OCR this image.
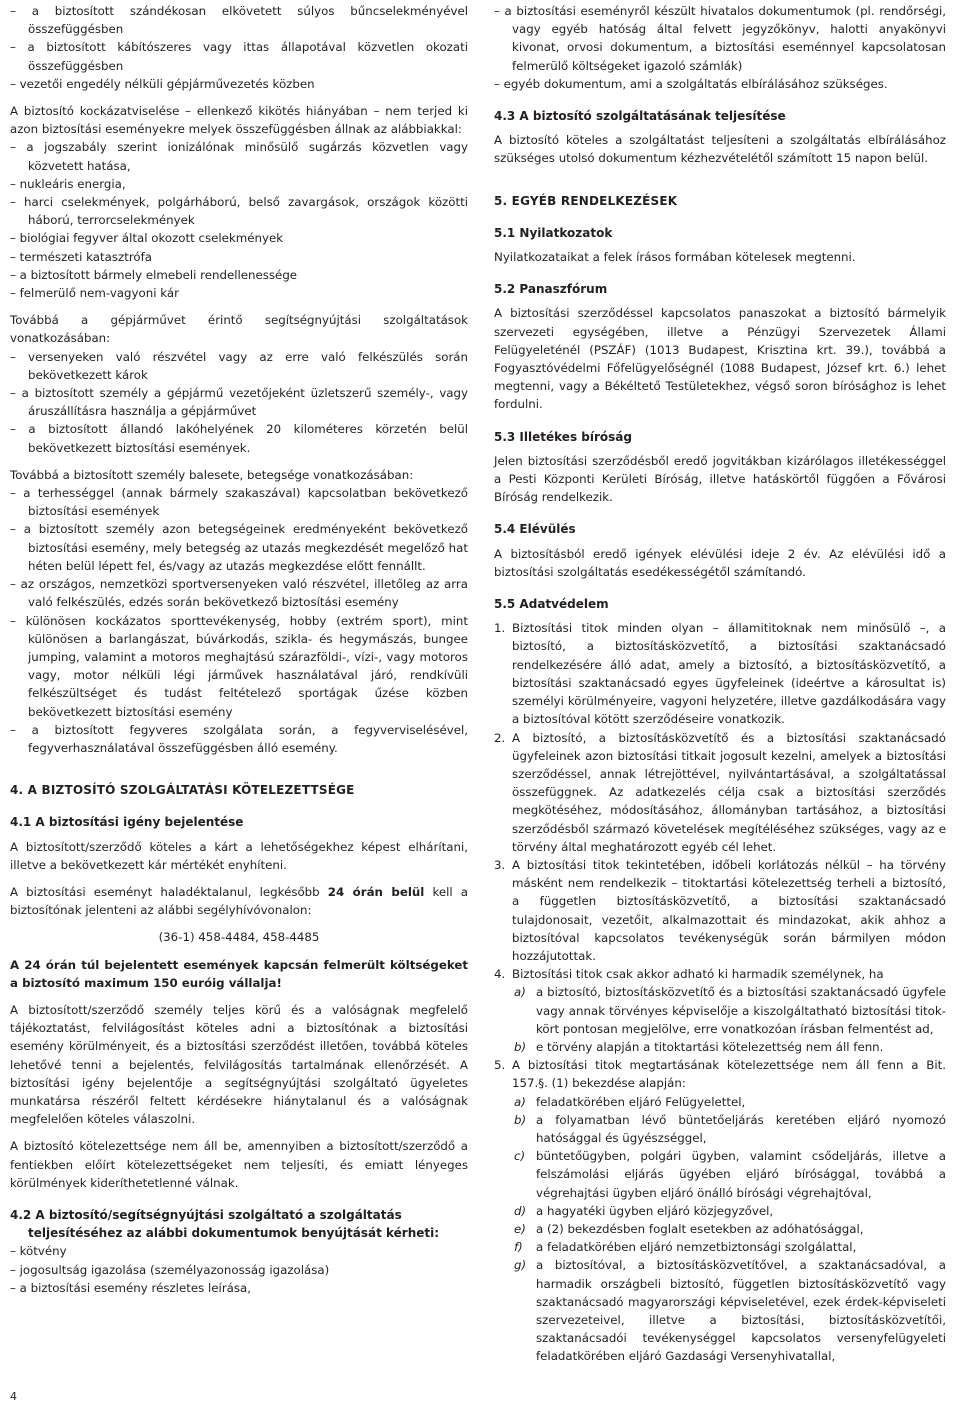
– a biztosított szándékosan elkövetett súlyos bűncselekményével összefüggésben

– a biztosított kábítószeres vagy ittas állapotával közvetlen okozati összefüggésben

– vezetői engedély nélküli gépjárművezetés közben

A biztosító kockázatviselése – ellenkező kikötés hiányában – nem terjed ki azon biztosítási eseményekre melyek összefüggésben állnak az alábbiakkal:

– a jogszabály szerint ionizálónak minősülő sugárzás közvetlen vagy közvetett hatása,

– nukleáris energia,

– harci cselekmények, polgárháború, belső zavargások, országok közötti háború, terrorcselekmények

– biológiai fegyver által okozott cselekmények

– természeti katasztrófa

– a biztosított bármely elmebeli rendellenessége

– felmerülő nem-vagyoni kár

Továbbá a gépjárművet érintő segítségnyújtási szolgáltatások vonatkozásában:

– versenyeken való részvétel vagy az erre való felkészülés során bekövetkezett károk

– a biztosított személy a gépjármű vezetőjeként üzletszerű személy-, vagy áruszállításra használja a gépjárművet

– a biztosított állandó lakóhelyének 20 kilométeres körzetén belül bekövetkezett biztosítási események.

Továbbá a biztosított személy balesete, betegsége vonatkozásában:

– a terhességgel (annak bármely szakaszával) kapcsolatban bekövetkező biztosítási események

– a biztosított személy azon betegségeinek eredményeként bekövetkező biztosítási esemény, mely betegség az utazás megkezdését megelőző hat héten belül lépett fel, és/vagy az utazás megkezdése előtt fennállt.

– az országos, nemzetközi sportversenyeken való részvétel, illetőleg az arra való felkészülés, edzés során bekövetkező biztosítási esemény

– különösen kockázatos sporttevékenység, hobby (extrém sport), mint különösen a barlangászat, búvárkodás, szikla- és hegymászás, bungee jumping, valamint a motoros meghajtású szárazföldi-, vízi-, vagy motoros vagy, motor nélküli légi járművek használatával járó, rendkívüli felkészültséget és tudást feltételező sportágak űzése közben bekövetkezett biztosítási esemény

– a biztosított fegyveres szolgálata során, a fegyverviselésével, fegyverhasználatával összefüggésben álló esemény.

4. A BIZTOSÍTÓ SZOLGÁLTATÁSI KÖTELEZETTSÉGE
4.1 A biztosítási igény bejelentése

A biztosított/szerződő köteles a kárt a lehetőségekhez képest elhárítani, illetve a bekövetkezett kár mértékét enyhíteni.

A biztosítási eseményt haladéktalanul, legkésőbb 24 órán belül kell a biztosítónak jelenteni az alábbi segélyhívóvonalon:

(36-1) 458-4484, 458-4485

A 24 órán túl bejelentett események kapcsán felmerült költségeket a biztosító maximum 150 euróig vállalja!

A biztosított/szerződő személy teljes körű és a valóságnak megfelelő tájékoztatást, felvilágosítást köteles adni a biztosítónak a biztosítási esemény körülményeit, és a biztosítási szerződést illetően, továbbá köteles lehetővé tenni a bejelentés, felvilágosítás tartalmának ellenőrzését. A biztosítási igény bejelentője a segítségnyújtási szolgáltató ügyeletes munkatársa részéről feltett kérdésekre hiánytalanul és a valóságnak megfelelően köteles válaszolni.

A biztosító kötelezettsége nem áll be, amennyiben a biztosított/szerződő a fentiekben előírt kötelezettségeket nem teljesíti, és emiatt lényeges körülmények kideríthetetlenné válnak.

4.2 A biztosító/segítségnyújtási szolgáltató a szolgáltatás
teljesítéséhez az alábbi dokumentumok benyújtását kérheti:

– kötvény

– jogosultság igazolása (személyazonosság igazolása)

– a biztosítási esemény részletes leírása,

– a biztosítási eseményről készült hivatalos dokumentumok (pl. rendőrségi, vagy egyéb hatóság által felvett jegyzőkönyv, halotti anyakönyvi kivonat, orvosi dokumentum, a biztosítási eseménnyel kapcsolatosan felmerülő költségeket igazoló számlák)

– egyéb dokumentum, ami a szolgáltatás elbírálásához szükséges.

4.3 A biztosító szolgáltatásának teljesítése

A biztosító köteles a szolgáltatást teljesíteni a szolgáltatás elbírálásához szükséges utolsó dokumentum kézhezvételétől számított 15 napon belül.

5. EGYÉB RENDELKEZÉSEK
5.1 Nyilatkozatok

Nyilatkozataikat a felek írásos formában kötelesek megtenni.

5.2 Panaszfórum

A biztosítási szerződéssel kapcsolatos panaszokat a biztosító bármelyik szervezeti egységében, illetve a Pénzügyi Szervezetek Állami Felügyeleténél (PSZÁF) (1013 Budapest, Krisztina krt. 39.), továbbá a Fogyasztóvédelmi Főfelügyelőségnél (1088 Budapest, József krt. 6.) lehet megtenni, vagy a Békéltető Testületekhez, végső soron bírósághoz is lehet fordulni.

5.3 Illetékes bíróság

Jelen biztosítási szerződésből eredő jogvitákban kizárólagos illetékességgel a Pesti Központi Kerületi Bíróság, illetve hatáskörtől függően a Fővárosi Bíróság rendelkezik.

5.4 Elévülés

A biztosításból eredő igények elévülési ideje 2 év. Az elévülési idő a biztosítási szolgáltatás esedékességétől számítandó.

5.5 Adatvédelem
1. Biztosítási titok minden olyan – államititoknak nem minősülő –, a biztosító, a biztosításközvetítő, a biztosítási szaktanácsadó rendelkezésére álló adat, amely a biztosító, a biztosításközvetítő, a biztosítási szaktanácsadó egyes ügyfeleinek (ideértve a károsultat is) személyi körülményeire, vagyoni helyzetére, illetve gazdálkodására vagy a biztosítóval kötött szerződéseire vonatkozik.
2. A biztosító, a biztosításközvetítő és a biztosítási szaktanácsadó ügyfeleinek azon biztosítási titkait jogosult kezelni, amelyek a biztosítási szerződéssel, annak létrejöttével, nyilvántartásával, a szolgáltatással összefüggnek. Az adatkezelés célja csak a biztosítási szerződés megkötéséhez, módosításához, állományban tartásához, a biztosítási szerződésből származó követelések megítéléséhez szükséges, vagy az e törvény által meghatározott egyéb cél lehet.
3. A biztosítási titok tekintetében, időbeli korlátozás nélkül – ha törvény másként nem rendelkezik – titoktartási kötelezettség terheli a biztosító, a független biztosításközvetítő, a biztosítási szaktanácsadó tulajdonosait, vezetőit, alkalmazottait és mindazokat, akik ahhoz a biztosítóval kapcsolatos tevékenységük során bármilyen módon hozzájutottak.
4. Biztosítási titok csak akkor adható ki harmadik személynek, ha
a) a biztosító, biztosításközvetítő és a biztosítási szaktanácsadó ügyfele vagy annak törvényes képviselője a kiszolgáltatható biztosítási titokkört pontosan megjelölve, erre vonatkozóan írásban felmentést ad,
b) e törvény alapján a titoktartási kötelezettség nem áll fenn.
5. A biztosítási titok megtartásának kötelezettsége nem áll fenn a Bit. 157.§. (1) bekezdése alapján:
a) feladatkörében eljáró Felügyelettel,
b) a folyamatban lévő büntetőeljárás keretében eljáró nyomozó hatósággal és ügyészséggel,
c) büntetőügyben, polgári ügyben, valamint csődeljárás, illetve a felszámolási eljárás ügyében eljáró bírósággal, továbbá a végrehajtási ügyben eljáró önálló bírósági végrehajtóval,
d) a hagyatéki ügyben eljáró közjegyzővel,
e) a (2) bekezdésben foglalt esetekben az adóhatósággal,
f) a feladatkörében eljáró nemzetbiztonsági szolgálattal,
g) a biztosítóval, a biztosításközvetítővel, a szaktanácsadóval, a harmadik országbeli biztosító, független biztosításközvetítő vagy szaktanácsadó magyarországi képviseletével, ezek érdek-képviseleti szervezeteivel, illetve a biztosítási, biztosításközvetítői, szaktanácsadói tevékenységgel kapcsolatos versenyfelügyeleti feladatkörében eljáró Gazdasági Versenyhivatallal,
4
